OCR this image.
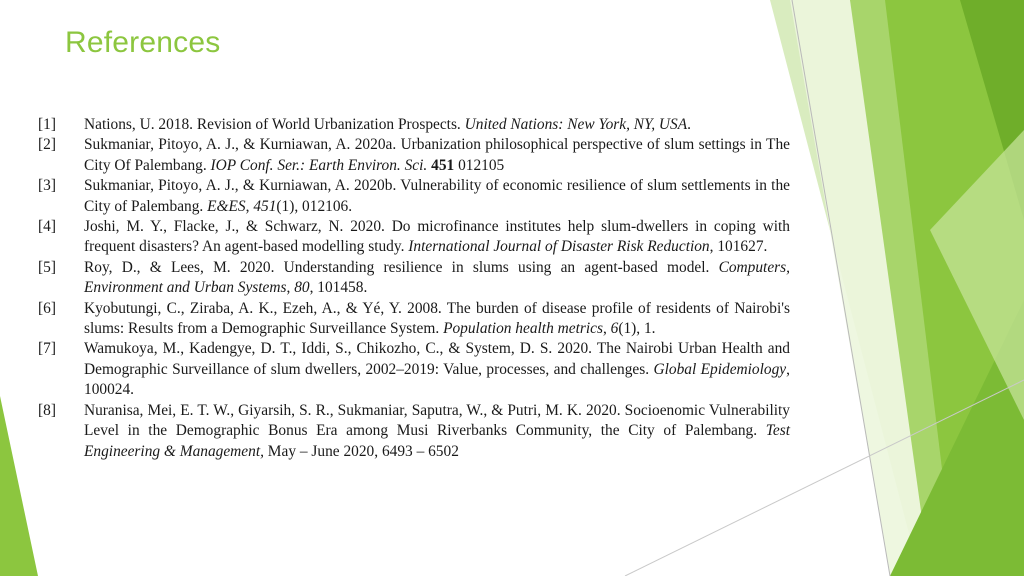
References
[1]	Nations, U. 2018. Revision of World Urbanization Prospects. United Nations: New York, NY, USA.
[2]	Sukmaniar, Pitoyo, A. J., & Kurniawan, A. 2020a. Urbanization philosophical perspective of slum settings in The City Of Palembang. IOP Conf. Ser.: Earth Environ. Sci. 451 012105
[3]	Sukmaniar, Pitoyo, A. J., & Kurniawan, A. 2020b. Vulnerability of economic resilience of slum settlements in the City of Palembang. E&ES, 451(1), 012106.
[4]	Joshi, M. Y., Flacke, J., & Schwarz, N. 2020. Do microfinance institutes help slum-dwellers in coping with frequent disasters? An agent-based modelling study. International Journal of Disaster Risk Reduction, 101627.
[5]	Roy, D., & Lees, M. 2020. Understanding resilience in slums using an agent-based model. Computers, Environment and Urban Systems, 80, 101458.
[6]	Kyobutungi, C., Ziraba, A. K., Ezeh, A., & Yé, Y. 2008. The burden of disease profile of residents of Nairobi's slums: Results from a Demographic Surveillance System. Population health metrics, 6(1), 1.
[7]	Wamukoya, M., Kadengye, D. T., Iddi, S., Chikozho, C., & System, D. S. 2020. The Nairobi Urban Health and Demographic Surveillance of slum dwellers, 2002–2019: Value, processes, and challenges. Global Epidemiology, 100024.
[8]	Nuranisa, Mei, E. T. W., Giyarsih, S. R., Sukmaniar, Saputra, W., & Putri, M. K. 2020. Socioenomic Vulnerability Level in the Demographic Bonus Era among Musi Riverbanks Community, the City of Palembang. Test Engineering & Management, May – June 2020, 6493 – 6502
